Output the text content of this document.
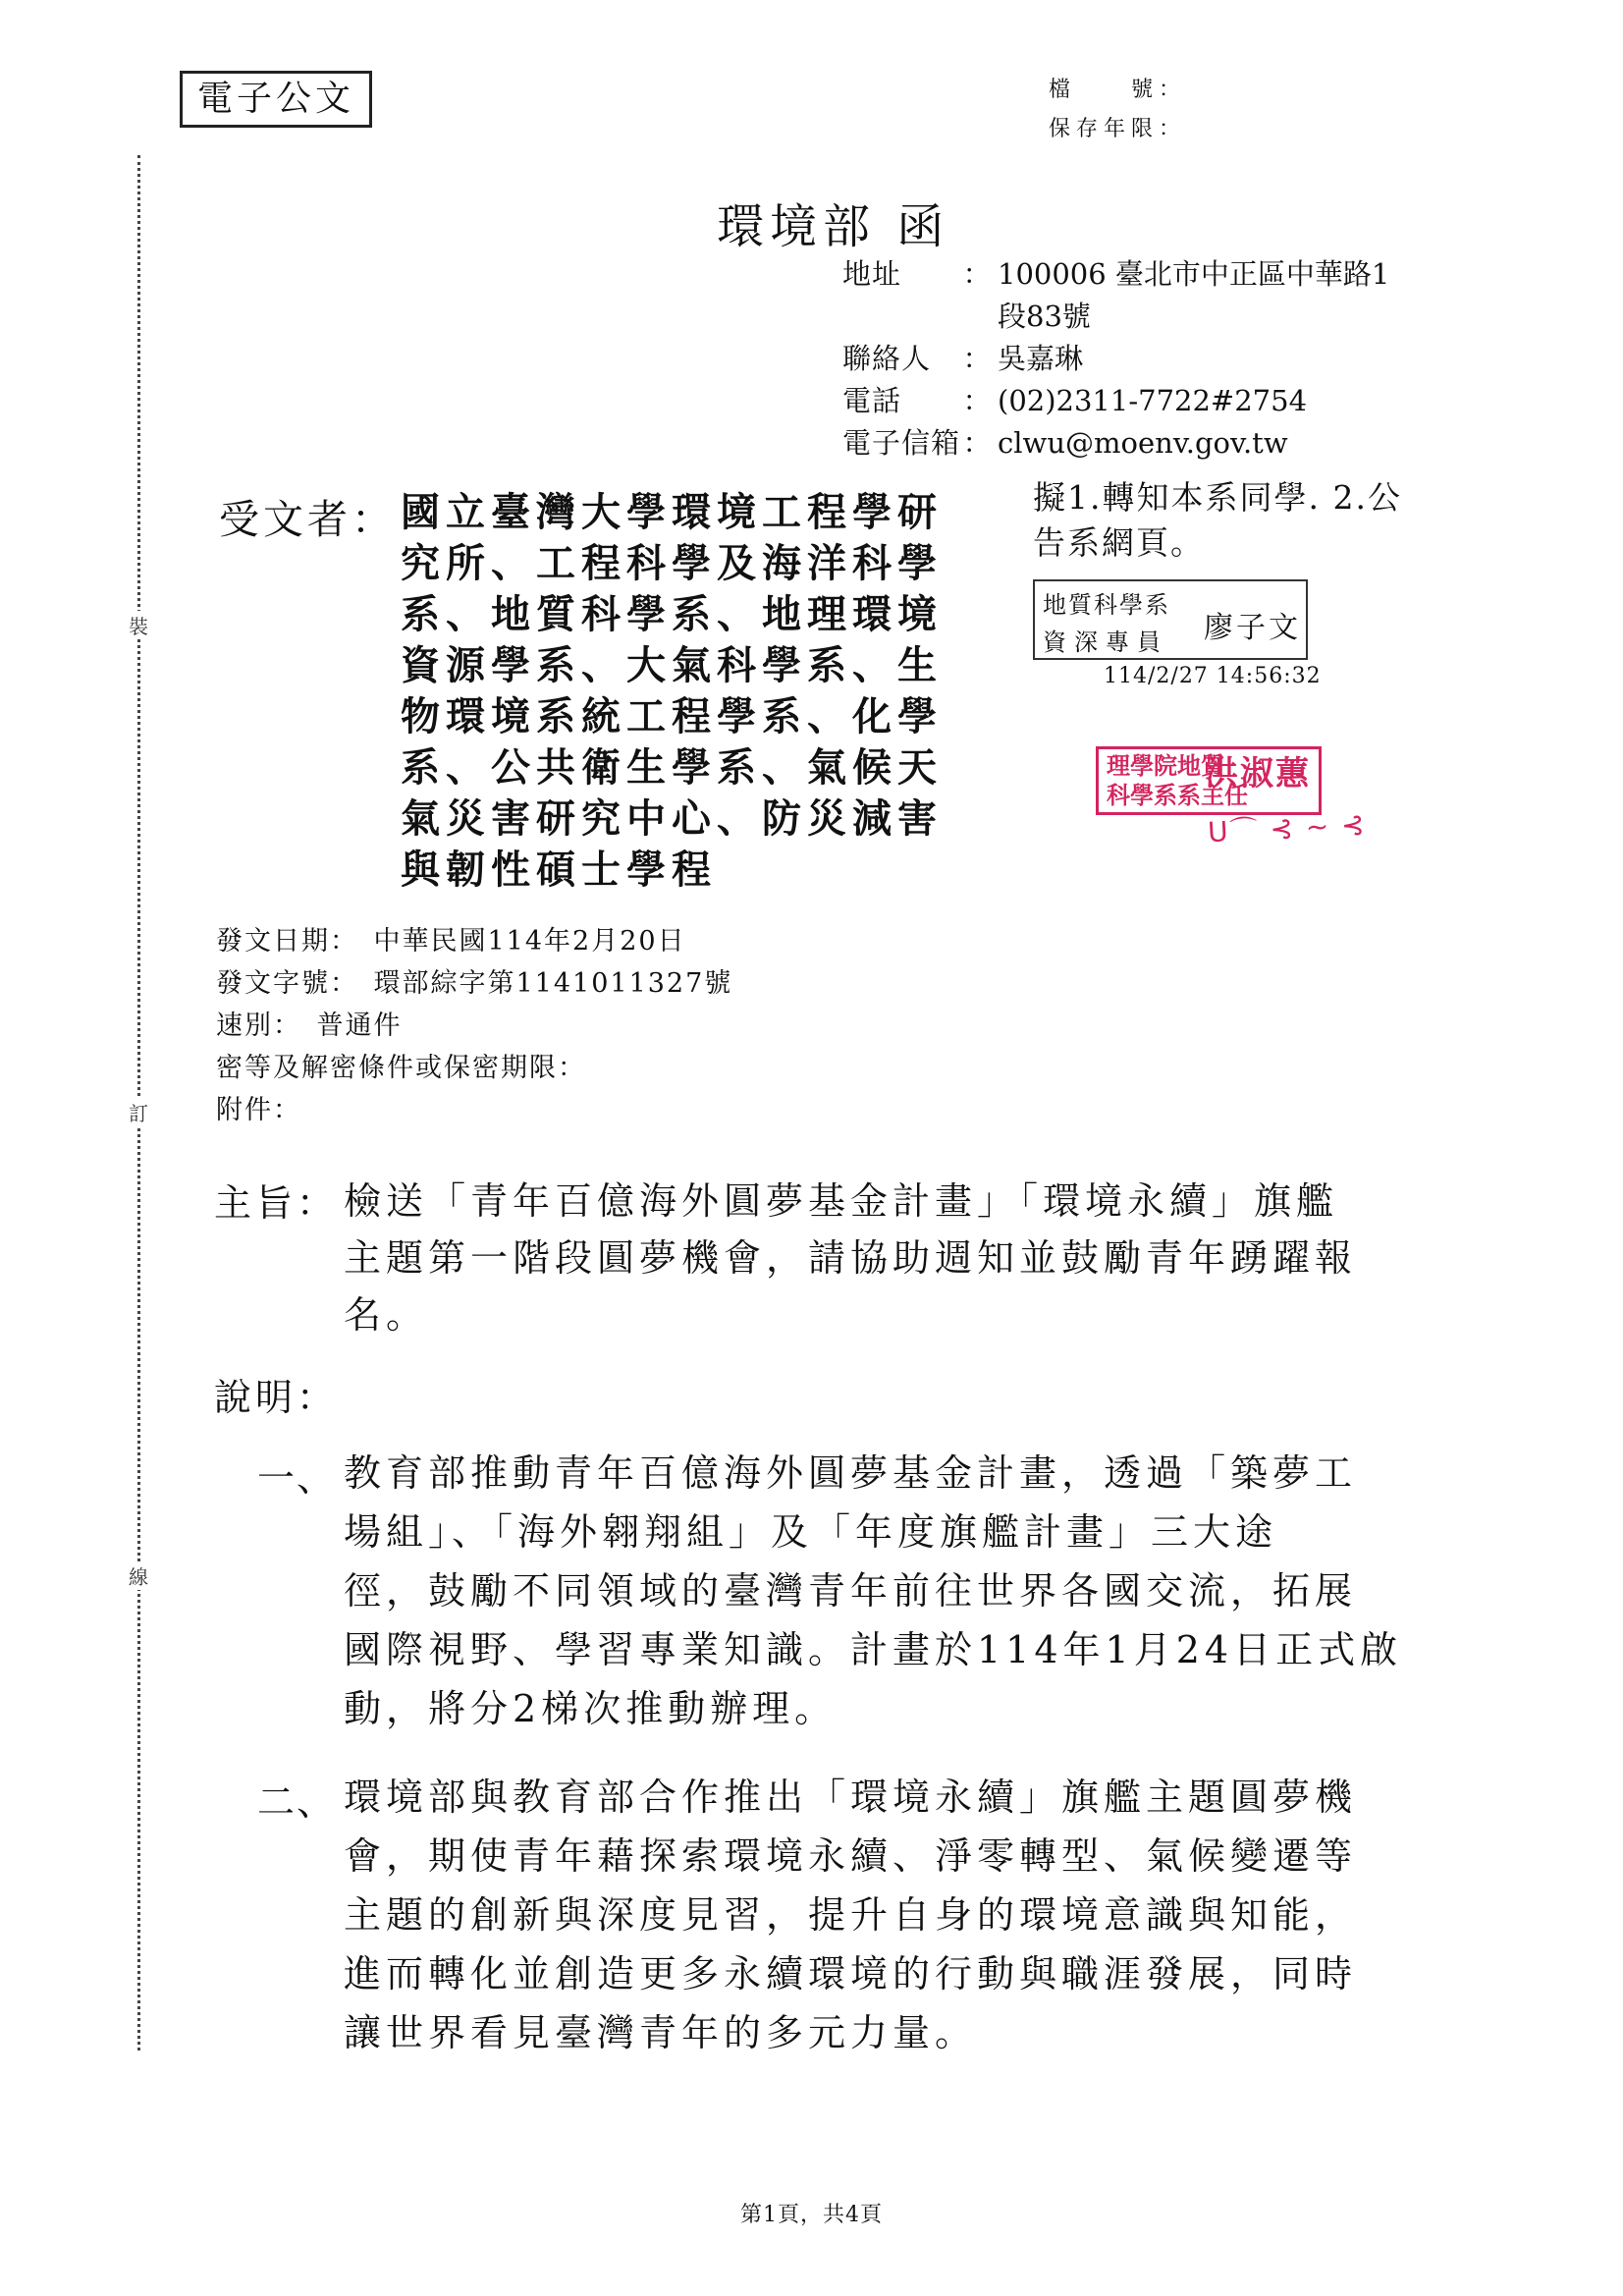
電子公文	檔　　號：
保存年限：
裝
訂
線
環境部 函
地址	： 100006 臺北市中正區中華路1
段83號
聯絡人	： 吳嘉琳
電話	： (02)2311-7722#2754
電子信箱 ： clwu@moenv.gov.tw
受文者： 國立臺灣大學環境工程學研
究所、工程科學及海洋科學
系、地質科學系、地理環境
資源學系、大氣科學系、生
物環境系統工程學系、化學
系、公共衛生學系、氣候天
氣災害研究中心、防災減害
與韌性碩士學程
擬1.轉知本系同學. 2.公
告系網頁。
地質科學系
資深專員 廖子文
114/2/27 14:56:32
理學院地質
科學系系主任
洪淑蕙
ᑌ⌒ ⊰ ~ ⊰
發文日期：　中華民國114年2月20日
發文字號：　環部綜字第1141011327號
速別：　普通件
密等及解密條件或保密期限：
附件：
主旨： 檢送「青年百億海外圓夢基金計畫」「環境永續」旗艦
主題第一階段圓夢機會，請協助週知並鼓勵青年踴躍報
名。
說明：
一、 教育部推動青年百億海外圓夢基金計畫，透過「築夢工
場組」、「海外翱翔組」及「年度旗艦計畫」三大途
徑，鼓勵不同領域的臺灣青年前往世界各國交流，拓展
國際視野、學習專業知識。計畫於114年1月24日正式啟
動，將分2梯次推動辦理。
二、 環境部與教育部合作推出「環境永續」旗艦主題圓夢機
會，期使青年藉探索環境永續、淨零轉型、氣候變遷等
主題的創新與深度見習，提升自身的環境意識與知能，
進而轉化並創造更多永續環境的行動與職涯發展，同時
讓世界看見臺灣青年的多元力量。
第1頁，共4頁
